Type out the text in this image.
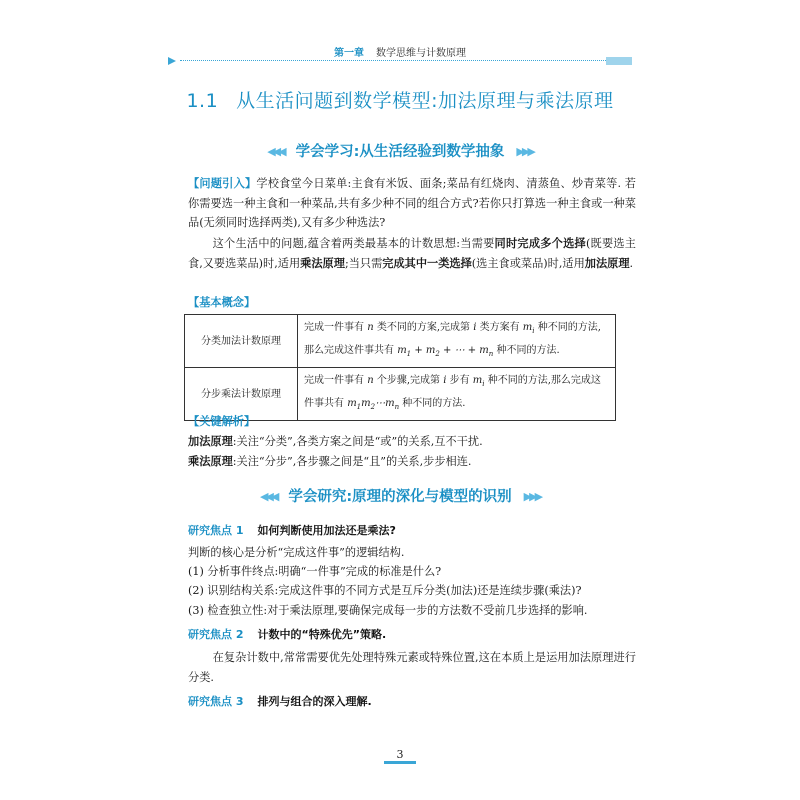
第一章 数学思维与计数原理
1.1 从生活问题到数学模型:加法原理与乘法原理
◀◀◀ 学会学习:从生活经验到数学抽象 ▶▶▶
【问题引入】学校食堂今日菜单:主食有米饭、面条;菜品有红烧肉、清蒸鱼、炒青菜等. 若你需要选一种主食和一种菜品,共有多少种不同的组合方式?若你只打算选一种主食或一种菜品(无须同时选择两类),又有多少种选法?
这个生活中的问题,蕴含着两类最基本的计数思想:当需要同时完成多个选择(既要选主食,又要选菜品)时,适用乘法原理;当只需完成其中一类选择(选主食或菜品)时,适用加法原理.
【基本概念】
分类加法计数原理	完成一件事有 n 类不同的方案,完成第 i 类方案有 $m_i$ 种不同的方法,那么完成这件事共有 $m_1 + m_2$ + ⋯ + $m_n$ 种不同的方法.
分步乘法计数原理	完成一件事有 n 个步骤,完成第 i 步有 $m_i$ 种不同的方法,那么完成这件事共有 $m_1m_2\cdots m_n$ 种不同的方法.
【关键解析】
加法原理:关注“分类”,各类方案之间是“或”的关系,互不干扰.
乘法原理:关注“分步”,各步骤之间是“且”的关系,步步相连.
◀◀◀ 学会研究:原理的深化与模型的识别 ▶▶▶
研究焦点 1 如何判断使用加法还是乘法?
判断的核心是分析“完成这件事”的逻辑结构.
(1) 分析事件终点:明确“一件事”完成的标准是什么?
(2) 识别结构关系:完成这件事的不同方式是互斥分类(加法)还是连续步骤(乘法)?
(3) 检查独立性:对于乘法原理,要确保完成每一步的方法数不受前几步选择的影响.
研究焦点 2 计数中的“特殊优先”策略.
在复杂计数中,常常需要优先处理特殊元素或特殊位置,这在本质上是运用加法原理进行分类.
研究焦点 3 排列与组合的深入理解.
3
